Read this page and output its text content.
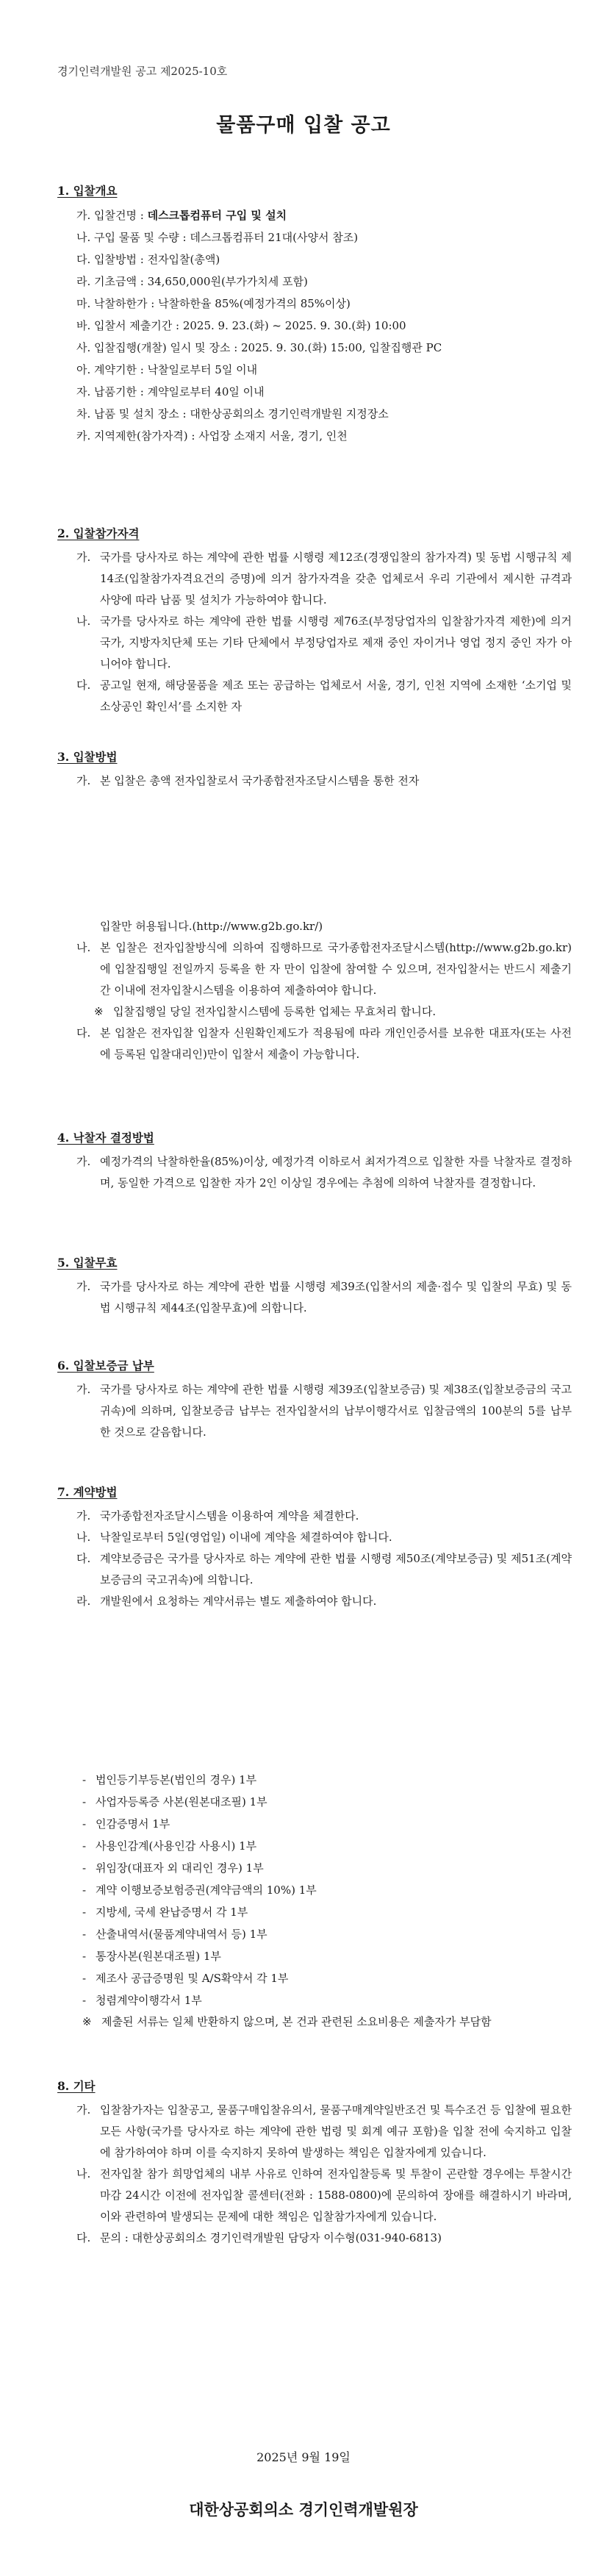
경기인력개발원 공고 제2025-10호

물품구매 입찰 공고

1. 입찰개요

가. 입찰건명 : 데스크톱컴퓨터 구입 및 설치

나. 구입 물품 및 수량 : 데스크톱컴퓨터 21대(사양서 참조)

다. 입찰방법 : 전자입찰(총액)

라. 기초금액 : 34,650,000원(부가가치세 포함)

마. 낙찰하한가 : 낙찰하한율 85%(예정가격의 85%이상)

바. 입찰서 제출기간 : 2025. 9. 23.(화) ~ 2025. 9. 30.(화) 10:00

사. 입찰집행(개찰) 일시 및 장소 : 2025. 9. 30.(화) 15:00, 입찰집행관 PC

아. 계약기한 : 낙찰일로부터 5일 이내

자. 납품기한 : 계약일로부터 40일 이내

차. 납품 및 설치 장소 : 대한상공회의소 경기인력개발원 지정장소

카. 지역제한(참가자격) : 사업장 소재지 서울, 경기, 인천

2. 입찰참가자격

가. 국가를 당사자로 하는 계약에 관한 법률 시행령 제12조(경쟁입찰의 참가자격) 및 동법 시행규칙 제14조(입찰참가자격요건의 증명)에 의거 참가자격을 갖춘 업체로서 우리 기관에서 제시한 규격과 사양에 따라 납품 및 설치가 가능하여야 합니다.

나. 국가를 당사자로 하는 계약에 관한 법률 시행령 제76조(부정당업자의 입찰참가자격 제한)에 의거 국가, 지방자치단체 또는 기타 단체에서 부정당업자로 제재 중인 자이거나 영업 정지 중인 자가 아니어야 합니다.

다. 공고일 현재, 해당물품을 제조 또는 공급하는 업체로서 서울, 경기, 인천 지역에 소재한 ‘소기업 및 소상공인 확인서’를 소지한 자

3. 입찰방법

가. 본 입찰은 총액 전자입찰로서 국가종합전자조달시스템을 통한 전자

입찰만 허용됩니다.(http://www.g2b.go.kr/)

나. 본 입찰은 전자입찰방식에 의하여 집행하므로 국가종합전자조달시스템(http://www.g2b.go.kr)에 입찰집행일 전일까지 등록을 한 자 만이 입찰에 참여할 수 있으며, 전자입찰서는 반드시 제출기간 이내에 전자입찰시스템을 이용하여 제출하여야 합니다.

※ 입찰집행일 당일 전자입찰시스템에 등록한 업체는 무효처리 합니다.

다. 본 입찰은 전자입찰 입찰자 신원확인제도가 적용됨에 따라 개인인증서를 보유한 대표자(또는 사전에 등록된 입찰대리인)만이 입찰서 제출이 가능합니다.

4. 낙찰자 결정방법

가. 예정가격의 낙찰하한율(85%)이상, 예정가격 이하로서 최저가격으로 입찰한 자를 낙찰자로 결정하며, 동일한 가격으로 입찰한 자가 2인 이상일 경우에는 추첨에 의하여 낙찰자를 결정합니다.

5. 입찰무효

가. 국가를 당사자로 하는 계약에 관한 법률 시행령 제39조(입찰서의 제출·접수 및 입찰의 무효) 및 동법 시행규칙 제44조(입찰무효)에 의합니다.

6. 입찰보증금 납부

가. 국가를 당사자로 하는 계약에 관한 법률 시행령 제39조(입찰보증금) 및 제38조(입찰보증금의 국고귀속)에 의하며, 입찰보증금 납부는 전자입찰서의 납부이행각서로 입찰금액의 100분의 5를 납부한 것으로 갈음합니다.

7. 계약방법

가. 국가종합전자조달시스템을 이용하여 계약을 체결한다.

나. 낙찰일로부터 5일(영업일) 이내에 계약을 체결하여야 합니다.

다. 계약보증금은 국가를 당사자로 하는 계약에 관한 법률 시행령 제50조(계약보증금) 및 제51조(계약보증금의 국고귀속)에 의합니다.

라. 개발원에서 요청하는 계약서류는 별도 제출하여야 합니다.

- 법인등기부등본(법인의 경우) 1부
- 사업자등록증 사본(원본대조필) 1부
- 인감증명서 1부
- 사용인감계(사용인감 사용시) 1부
- 위임장(대표자 외 대리인 경우) 1부
- 계약 이행보증보험증권(계약금액의 10%) 1부
- 지방세, 국세 완납증명서 각 1부
- 산출내역서(물품계약내역서 등) 1부
- 통장사본(원본대조필) 1부
- 제조사 공급증명원 및 A/S확약서 각 1부
- 청렴계약이행각서 1부
※ 제출된 서류는 일체 반환하지 않으며, 본 건과 관련된 소요비용은 제출자가 부담함

8. 기타

가. 입찰참가자는 입찰공고, 물품구매입찰유의서, 물품구매계약일반조건 및 특수조건 등 입찰에 필요한 모든 사항(국가를 당사자로 하는 계약에 관한 법령 및 회계 예규 포함)을 입찰 전에 숙지하고 입찰에 참가하여야 하며 이를 숙지하지 못하여 발생하는 책임은 입찰자에게 있습니다.

나. 전자입찰 참가 희망업체의 내부 사유로 인하여 전자입찰등록 및 투찰이 곤란할 경우에는 투찰시간마감 24시간 이전에 전자입찰 콜센터(전화 : 1588-0800)에 문의하여 장애를 해결하시기 바라며, 이와 관련하여 발생되는 문제에 대한 책임은 입찰참가자에게 있습니다.

다. 문의 : 대한상공회의소 경기인력개발원 담당자 이수형(031-940-6813)

2025년 9월 19일

대한상공회의소 경기인력개발원장
